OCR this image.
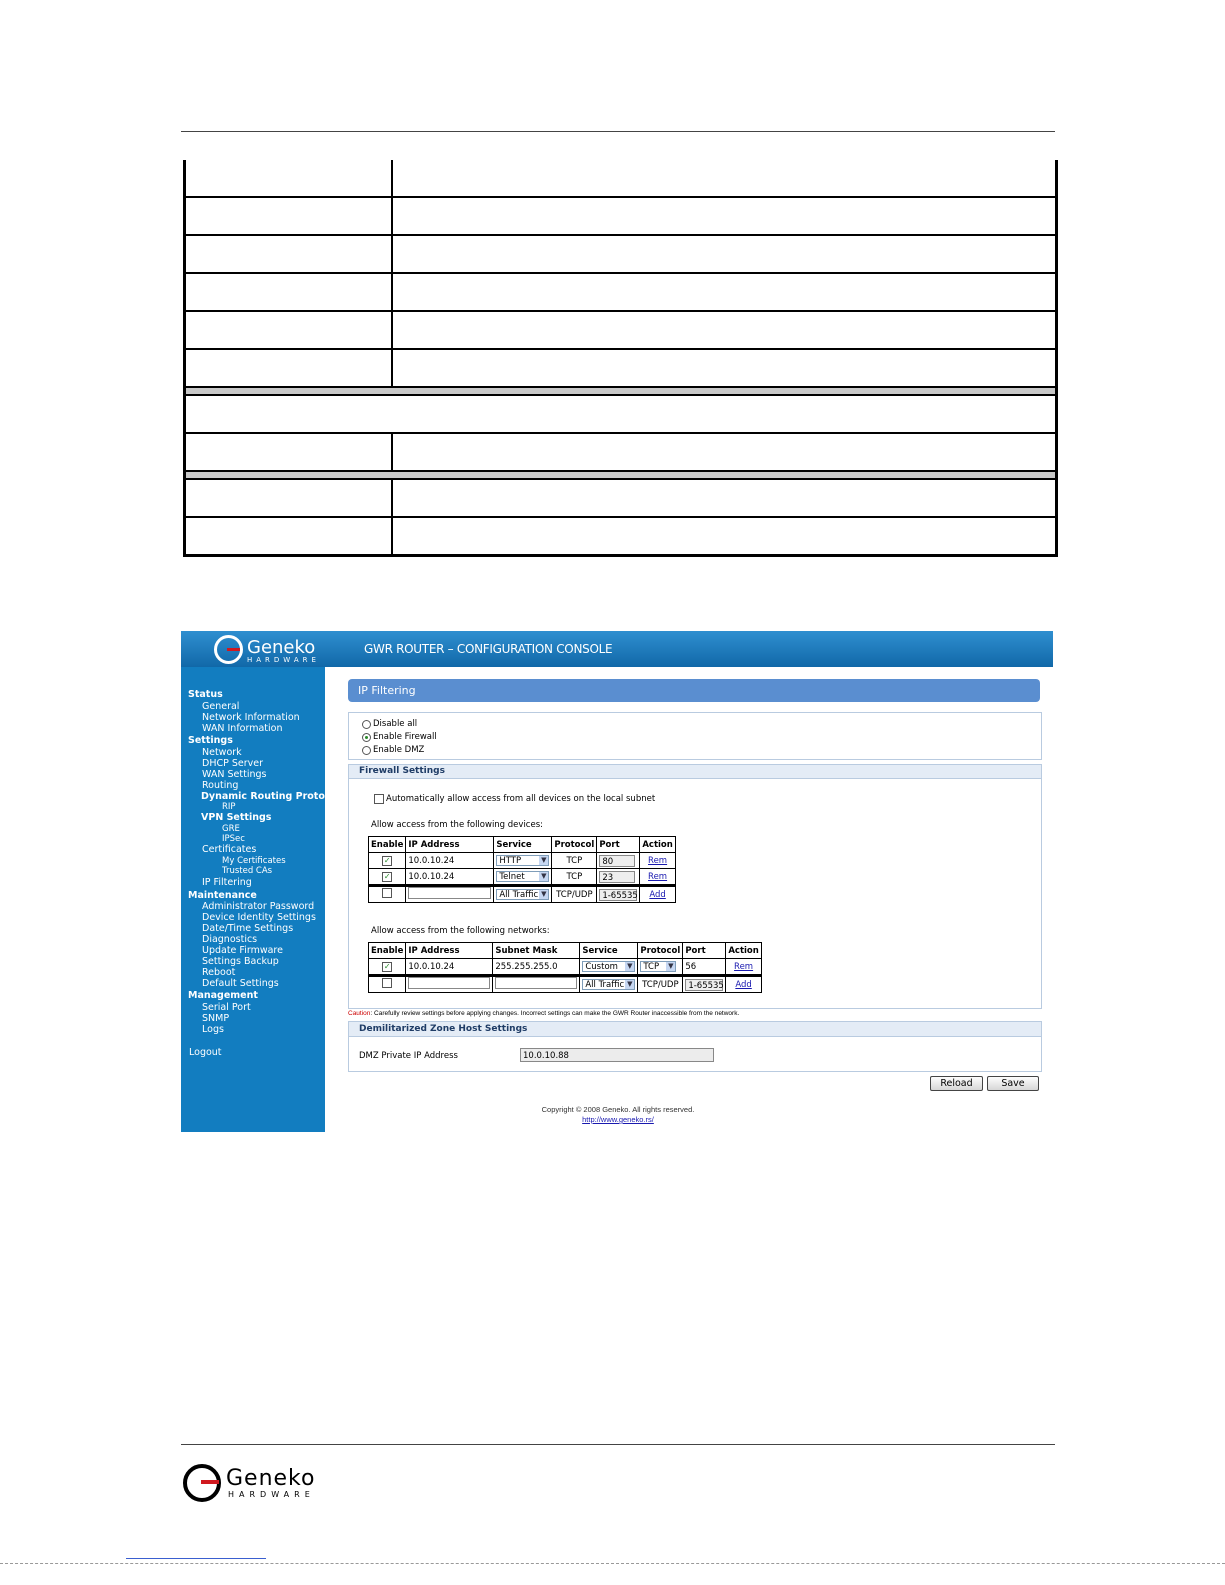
Geneko
HARDWARE
GWR ROUTER – CONFIGURATION CONSOLE
Status
General
Network Information
WAN Information
Settings
Network
DHCP Server
WAN Settings
Routing
Dynamic Routing Protocol
RIP
VPN Settings
GRE
IPSec
Certificates
My Certificates
Trusted CAs
IP Filtering
Maintenance
Administrator Password
Device Identity Settings
Date/Time Settings
Diagnostics
Update Firmware
Settings Backup
Reboot
Default Settings
Management
Serial Port
SNMP
Logs
Logout
IP Filtering
Disable all
Enable Firewall
Enable DMZ
Firewall Settings
Automatically allow access from all devices on the local subnet
Allow access from the following devices:
Enable	IP Address	Service	Protocol	Port	Action
✓	10.0.10.24	HTTP ▼	TCP	80	Rem
✓	10.0.10.24	Telnet ▼	TCP	23	Rem
		All Traffic ▼	TCP/UDP	1-65535	Add
Allow access from the following networks:
Enable	IP Address	Subnet Mask	Service	Protocol	Port	Action
✓	10.0.10.24	255.255.255.0	Custom ▼	TCP ▼	56	Rem
			All Traffic ▼	TCP/UDP	1-65535	Add
Caution: Carefully review settings before applying changes. Incorrect settings can make the GWR Router inaccessible from the network.
Demilitarized Zone Host Settings
DMZ Private IP Address	10.0.10.88
Reload	Save
Copyright © 2008 Geneko. All rights reserved.
http://www.geneko.rs/
Geneko
HARDWARE
